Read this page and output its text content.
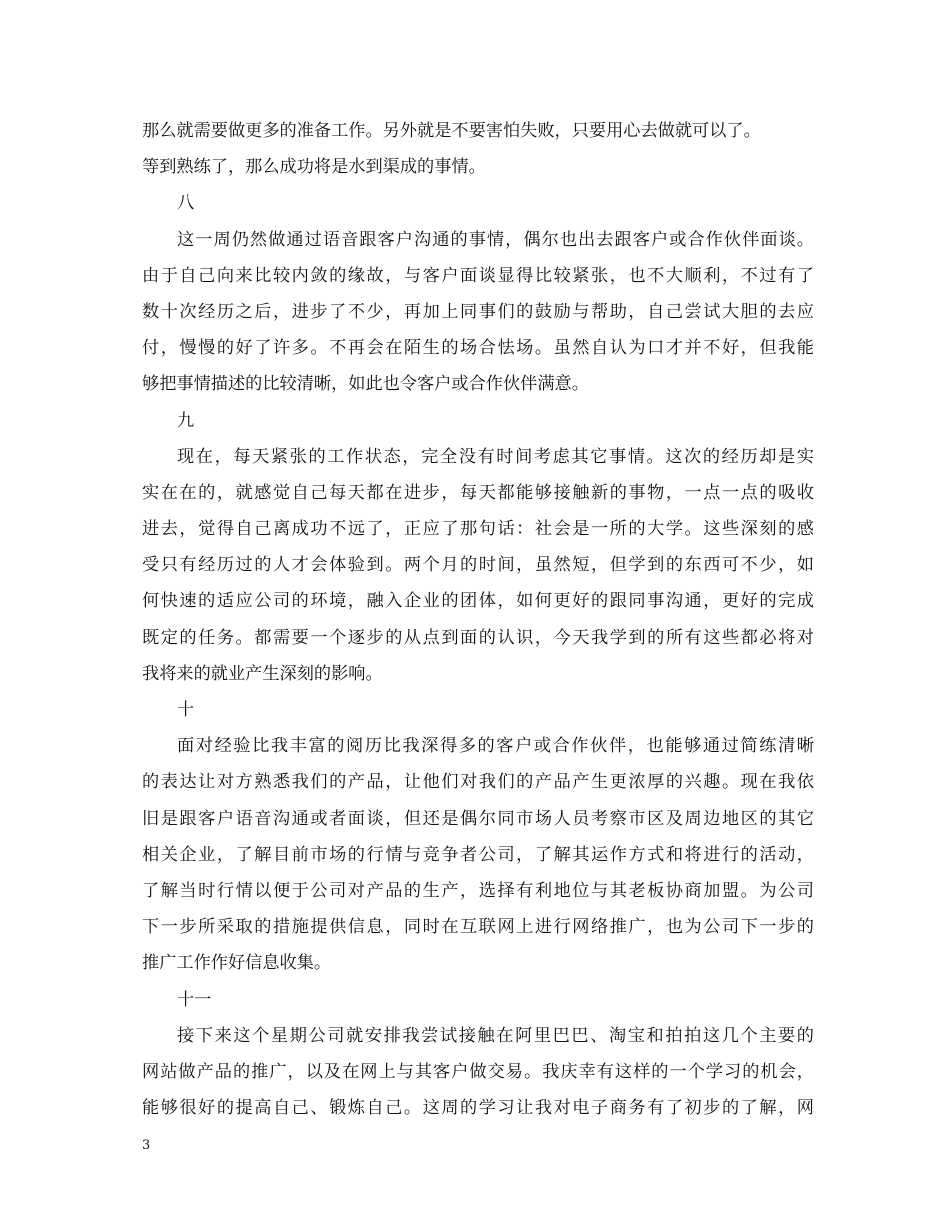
那么就需要做更多的准备工作。另外就是不要害怕失败，只要用心去做就可以了。
等到熟练了，那么成功将是水到渠成的事情。
八
这一周仍然做通过语音跟客户沟通的事情，偶尔也出去跟客户或合作伙伴面谈。
由于自己向来比较内敛的缘故，与客户面谈显得比较紧张，也不大顺利，不过有了
数十次经历之后，进步了不少，再加上同事们的鼓励与帮助，自己尝试大胆的去应
付，慢慢的好了许多。不再会在陌生的场合怯场。虽然自认为口才并不好，但我能
够把事情描述的比较清晰，如此也令客户或合作伙伴满意。
九
现在，每天紧张的工作状态，完全没有时间考虑其它事情。这次的经历却是实
实在在的，就感觉自己每天都在进步，每天都能够接触新的事物，一点一点的吸收
进去，觉得自己离成功不远了，正应了那句话：社会是一所的大学。这些深刻的感
受只有经历过的人才会体验到。两个月的时间，虽然短，但学到的东西可不少，如
何快速的适应公司的环境，融入企业的团体，如何更好的跟同事沟通，更好的完成
既定的任务。都需要一个逐步的从点到面的认识，今天我学到的所有这些都必将对
我将来的就业产生深刻的影响。
十
面对经验比我丰富的阅历比我深得多的客户或合作伙伴，也能够通过简练清晰
的表达让对方熟悉我们的产品，让他们对我们的产品产生更浓厚的兴趣。现在我依
旧是跟客户语音沟通或者面谈，但还是偶尔同市场人员考察市区及周边地区的其它
相关企业，了解目前市场的行情与竞争者公司，了解其运作方式和将进行的活动，
了解当时行情以便于公司对产品的生产，选择有利地位与其老板协商加盟。为公司
下一步所采取的措施提供信息，同时在互联网上进行网络推广，也为公司下一步的
推广工作作好信息收集。
十一
接下来这个星期公司就安排我尝试接触在阿里巴巴、淘宝和拍拍这几个主要的
网站做产品的推广，以及在网上与其客户做交易。我庆幸有这样的一个学习的机会，
能够很好的提高自己、锻炼自己。这周的学习让我对电子商务有了初步的了解，网
3
